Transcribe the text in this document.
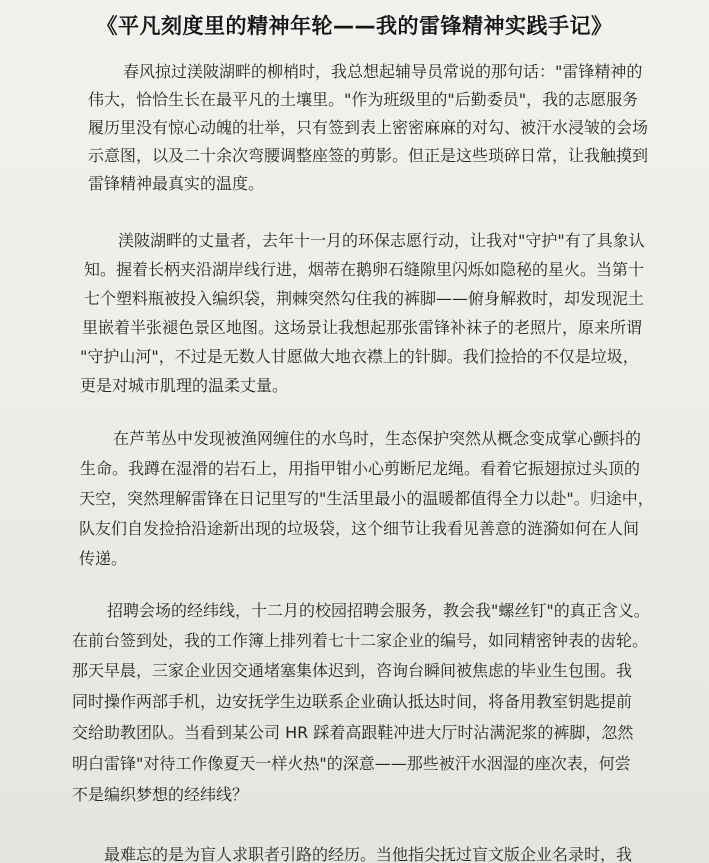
《平凡刻度里的精神年轮——我的雷锋精神实践手记》
春风掠过渼陂湖畔的柳梢时，我总想起辅导员常说的那句话："雷锋精神的
伟大，恰恰生长在最平凡的土壤里。"作为班级里的"后勤委员"，我的志愿服务
履历里没有惊心动魄的壮举，只有签到表上密密麻麻的对勾、被汗水浸皱的会场
示意图，以及二十余次弯腰调整座签的剪影。但正是这些琐碎日常，让我触摸到
雷锋精神最真实的温度。
渼陂湖畔的丈量者，去年十一月的环保志愿行动，让我对"守护"有了具象认
知。握着长柄夹沿湖岸线行进，烟蒂在鹅卵石缝隙里闪烁如隐秘的星火。当第十
七个塑料瓶被投入编织袋，荆棘突然勾住我的裤脚——俯身解救时，却发现泥土
里嵌着半张褪色景区地图。这场景让我想起那张雷锋补袜子的老照片，原来所谓
"守护山河"，不过是无数人甘愿做大地衣襟上的针脚。我们捡拾的不仅是垃圾，
更是对城市肌理的温柔丈量。
在芦苇丛中发现被渔网缠住的水鸟时，生态保护突然从概念变成掌心颤抖的
生命。我蹲在湿滑的岩石上，用指甲钳小心剪断尼龙绳。看着它振翅掠过头顶的
天空，突然理解雷锋在日记里写的"生活里最小的温暖都值得全力以赴"。归途中，
队友们自发捡拾沿途新出现的垃圾袋，这个细节让我看见善意的涟漪如何在人间
传递。
招聘会场的经纬线，十二月的校园招聘会服务，教会我"螺丝钉"的真正含义。
在前台签到处，我的工作簿上排列着七十二家企业的编号，如同精密钟表的齿轮。
那天早晨，三家企业因交通堵塞集体迟到，咨询台瞬间被焦虑的毕业生包围。我
同时操作两部手机，边安抚学生边联系企业确认抵达时间，将备用教室钥匙提前
交给助教团队。当看到某公司 HR 踩着高跟鞋冲进大厅时沾满泥浆的裤脚，忽然
明白雷锋"对待工作像夏天一样火热"的深意——那些被汗水洇湿的座次表，何尝
不是编织梦想的经纬线？
最难忘的是为盲人求职者引路的经历。当他指尖抚过盲文版企业名录时，我
